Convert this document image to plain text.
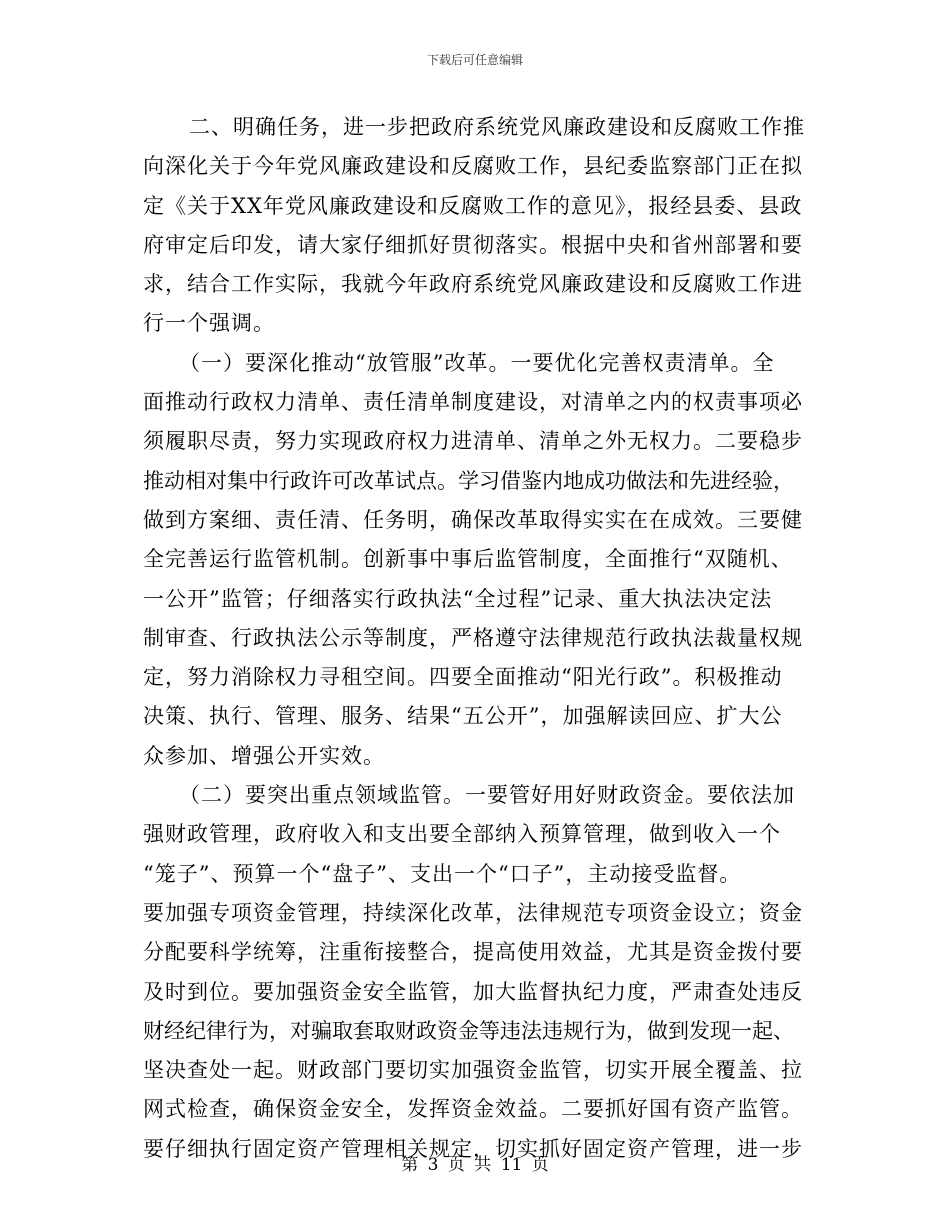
下载后可任意编辑
二、明确任务，进一步把政府系统党风廉政建设和反腐败工作推
向深化关于今年党风廉政建设和反腐败工作，县纪委监察部门正在拟
定《关于XX年党风廉政建设和反腐败工作的意见》，报经县委、县政
府审定后印发，请大家仔细抓好贯彻落实。根据中央和省州部署和要
求，结合工作实际，我就今年政府系统党风廉政建设和反腐败工作进
行一个强调。
（一）要深化推动“放管服”改革。一要优化完善权责清单。全
面推动行政权力清单、责任清单制度建设，对清单之内的权责事项必
须履职尽责，努力实现政府权力进清单、清单之外无权力。二要稳步
推动相对集中行政许可改革试点。学习借鉴内地成功做法和先进经验，
做到方案细、责任清、任务明，确保改革取得实实在在成效。三要健
全完善运行监管机制。创新事中事后监管制度，全面推行“双随机、
一公开”监管；仔细落实行政执法“全过程”记录、重大执法决定法
制审查、行政执法公示等制度，严格遵守法律规范行政执法裁量权规
定，努力消除权力寻租空间。四要全面推动“阳光行政”。积极推动
决策、执行、管理、服务、结果“五公开”，加强解读回应、扩大公
众参加、增强公开实效。
（二）要突出重点领域监管。一要管好用好财政资金。要依法加
强财政管理，政府收入和支出要全部纳入预算管理，做到收入一个
“笼子”、预算一个“盘子”、支出一个“口子”，主动接受监督。
要加强专项资金管理，持续深化改革，法律规范专项资金设立；资金
分配要科学统筹，注重衔接整合，提高使用效益，尤其是资金拨付要
及时到位。要加强资金安全监管，加大监督执纪力度，严肃查处违反
财经纪律行为，对骗取套取财政资金等违法违规行为，做到发现一起、
坚决查处一起。财政部门要切实加强资金监管，切实开展全覆盖、拉
网式检查，确保资金安全，发挥资金效益。二要抓好国有资产监管。
要仔细执行固定资产管理相关规定，切实抓好固定资产管理，进一步
第 3 页 共 11 页
